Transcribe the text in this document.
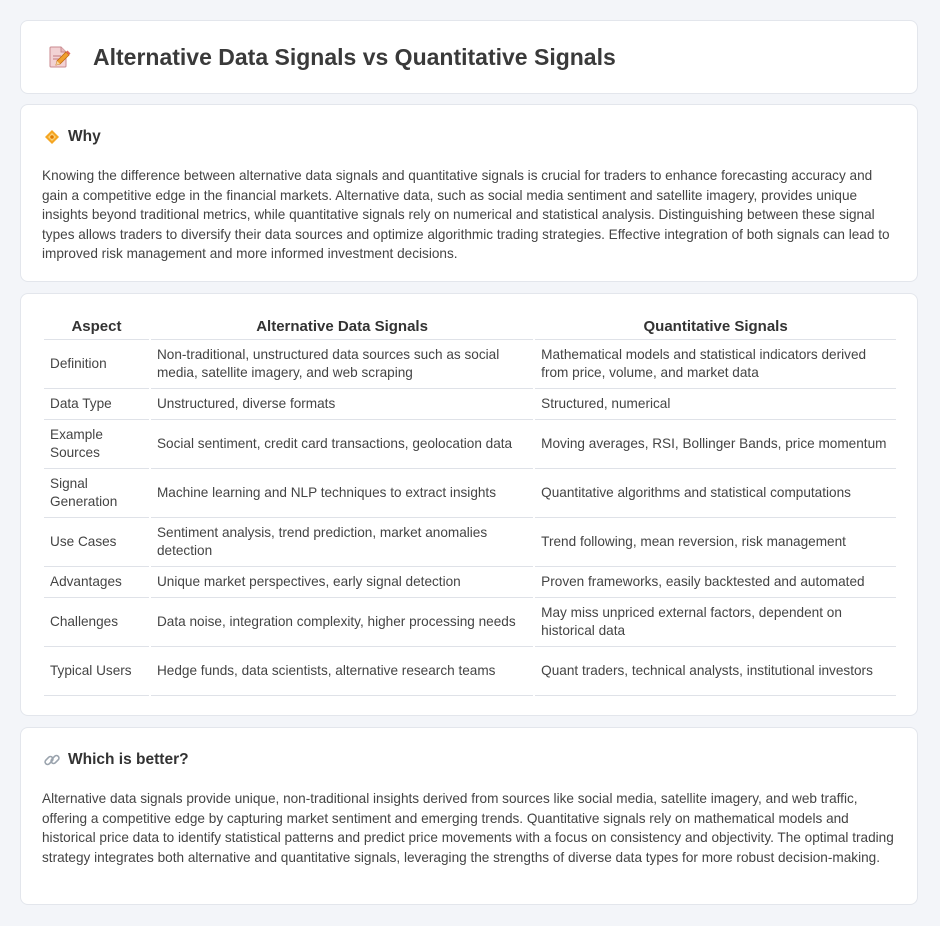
Alternative Data Signals vs Quantitative Signals
Why

Knowing the difference between alternative data signals and quantitative signals is crucial for traders to enhance forecasting accuracy and gain a competitive edge in the financial markets. Alternative data, such as social media sentiment and satellite imagery, provides unique insights beyond traditional metrics, while quantitative signals rely on numerical and statistical analysis. Distinguishing between these signal types allows traders to diversify their data sources and optimize algorithmic trading strategies. Effective integration of both signals can lead to improved risk management and more informed investment decisions.

Aspect	Alternative Data Signals	Quantitative Signals
Definition	Non-traditional, unstructured data sources such as social media, satellite imagery, and web scraping	Mathematical models and statistical indicators derived from price, volume, and market data
Data Type	Unstructured, diverse formats	Structured, numerical
Example Sources	Social sentiment, credit card transactions, geolocation data	Moving averages, RSI, Bollinger Bands, price momentum
Signal Generation	Machine learning and NLP techniques to extract insights	Quantitative algorithms and statistical computations
Use Cases	Sentiment analysis, trend prediction, market anomalies detection	Trend following, mean reversion, risk management
Advantages	Unique market perspectives, early signal detection	Proven frameworks, easily backtested and automated
Challenges	Data noise, integration complexity, higher processing needs	May miss unpriced external factors, dependent on historical data
Typical Users	Hedge funds, data scientists, alternative research teams	Quant traders, technical analysts, institutional investors
Which is better?

Alternative data signals provide unique, non-traditional insights derived from sources like social media, satellite imagery, and web traffic, offering a competitive edge by capturing market sentiment and emerging trends. Quantitative signals rely on mathematical models and historical price data to identify statistical patterns and predict price movements with a focus on consistency and objectivity. The optimal trading strategy integrates both alternative and quantitative signals, leveraging the strengths of diverse data types for more robust decision-making.
